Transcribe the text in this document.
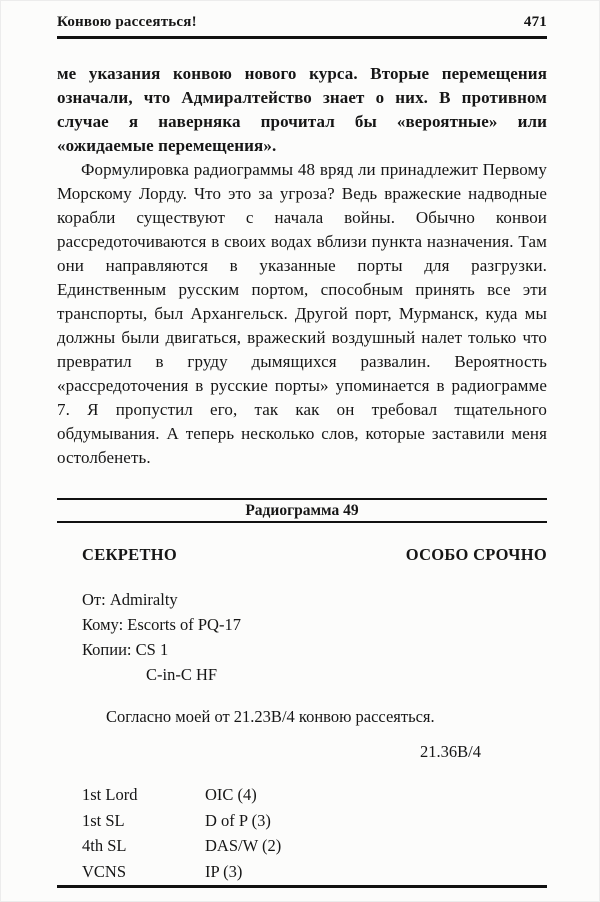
Конвою рассеяться!	471

ме указания конвою нового курса. Вторые перемещения означали, что Адмиралтейство знает о них. В противном случае я наверняка прочитал бы «вероятные» или «ожидаемые перемещения».

Формулировка радиограммы 48 вряд ли принадлежит Первому Морскому Лорду. Что это за угроза? Ведь вражеские надводные корабли существуют с начала войны. Обычно конвои рассредоточиваются в своих водах вблизи пункта назначения. Там они направляются в указанные порты для разгрузки. Единственным русским портом, способным принять все эти транспорты, был Архангельск. Другой порт, Мурманск, куда мы должны были двигаться, вражеский воздушный налет только что превратил в груду дымящихся развалин. Вероятность «рассредоточения в русские порты» упоминается в радиограмме 7. Я пропустил его, так как он требовал тщательного обдумывания. А теперь несколько слов, которые заставили меня остолбенеть.

Радиограмма 49
СЕКРЕТНО	ОСОБО СРОЧНО
От: Admiralty
Кому: Escorts of PQ-17
Копии: CS 1
C-in-C HF
Согласно моей от 21.23В/4 конвою рассеяться.
21.36В/4
1st Lord	OIC (4)
1st SL	D of P (3)
4th SL	DAS/W (2)
VCNS	IP (3)
